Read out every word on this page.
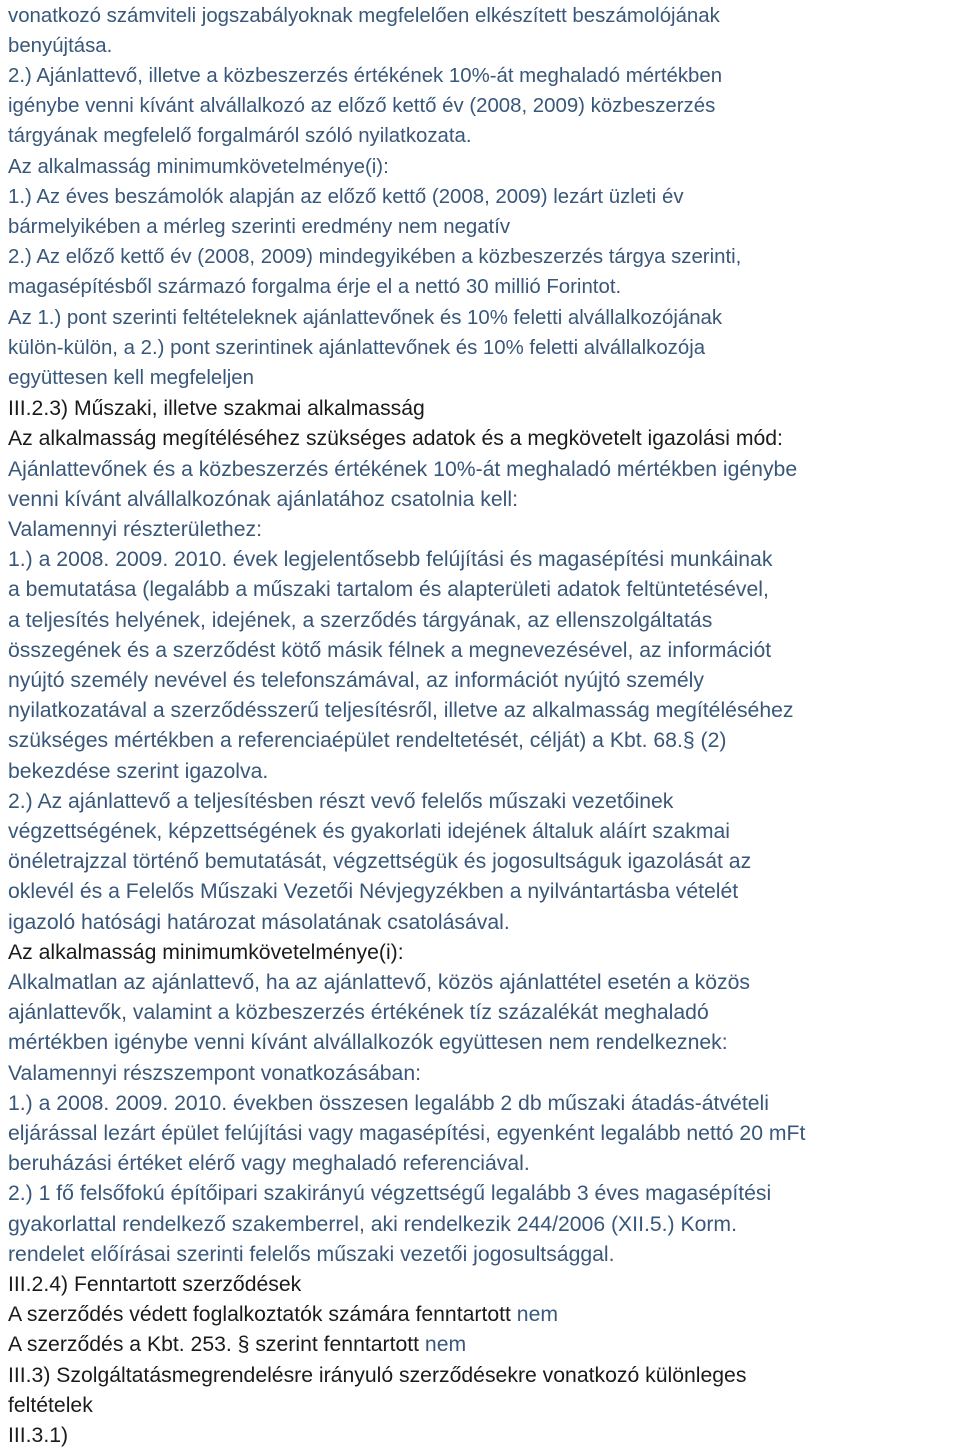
vonatkozó számviteli jogszabályoknak megfelelően elkészített beszámolójának
benyújtása.
2.) Ajánlattevő, illetve a közbeszerzés értékének 10%-át meghaladó mértékben
igénybe venni kívánt alvállalkozó az előző kettő év (2008, 2009) közbeszerzés
tárgyának megfelelő forgalmáról szóló nyilatkozata.
Az alkalmasság minimumkövetelménye(i):
1.) Az éves beszámolók alapján az előző kettő (2008, 2009) lezárt üzleti év
bármelyikében a mérleg szerinti eredmény nem negatív
2.) Az előző kettő év (2008, 2009) mindegyikében a közbeszerzés tárgya szerinti,
magasépítésből származó forgalma érje el a nettó 30 millió Forintot.
Az 1.) pont szerinti feltételeknek ajánlattevőnek és 10% feletti alvállalkozójának
külön-külön, a 2.) pont szerintinek ajánlattevőnek és 10% feletti alvállalkozója
együttesen kell megfeleljen
III.2.3) Műszaki, illetve szakmai alkalmasság
Az alkalmasság megítéléséhez szükséges adatok és a megkövetelt igazolási mód:
Ajánlattevőnek és a közbeszerzés értékének 10%-át meghaladó mértékben igénybe
venni kívánt alvállalkozónak ajánlatához csatolnia kell:
Valamennyi részterülethez:
1.) a 2008. 2009. 2010. évek legjelentősebb felújítási és magasépítési munkáinak
a bemutatása (legalább a műszaki tartalom és alapterületi adatok feltüntetésével,
a teljesítés helyének, idejének, a szerződés tárgyának, az ellenszolgáltatás
összegének és a szerződést kötő másik félnek a megnevezésével, az információt
nyújtó személy nevével és telefonszámával, az információt nyújtó személy
nyilatkozatával a szerződésszerű teljesítésről, illetve az alkalmasság megítéléséhez
szükséges mértékben a referenciaépület rendeltetését, célját) a Kbt. 68.§ (2)
bekezdése szerint igazolva.
2.) Az ajánlattevő a teljesítésben részt vevő felelős műszaki vezetőinek
végzettségének, képzettségének és gyakorlati idejének általuk aláírt szakmai
önéletrajzzal történő bemutatását, végzettségük és jogosultságuk igazolását az
oklevél és a Felelős Műszaki Vezetői Névjegyzékben a nyilvántartásba vételét
igazoló hatósági határozat másolatának csatolásával.
Az alkalmasság minimumkövetelménye(i):
Alkalmatlan az ajánlattevő, ha az ajánlattevő, közös ajánlattétel esetén a közös
ajánlattevők, valamint a közbeszerzés értékének tíz százalékát meghaladó
mértékben igénybe venni kívánt alvállalkozók együttesen nem rendelkeznek:
Valamennyi részszempont vonatkozásában:
1.) a 2008. 2009. 2010. években összesen legalább 2 db műszaki átadás-átvételi
eljárással lezárt épület felújítási vagy magasépítési, egyenként legalább nettó 20 mFt
beruházási értéket elérő vagy meghaladó referenciával.
2.) 1 fő felsőfokú építőipari szakirányú végzettségű legalább 3 éves magasépítési
gyakorlattal rendelkező szakemberrel, aki rendelkezik 244/2006 (XII.5.) Korm.
rendelet előírásai szerinti felelős műszaki vezetői jogosultsággal.
III.2.4) Fenntartott szerződések
A szerződés védett foglalkoztatók számára fenntartott nem
A szerződés a Kbt. 253. § szerint fenntartott nem
III.3) Szolgáltatásmegrendelésre irányuló szerződésekre vonatkozó különleges
feltételek
III.3.1)
